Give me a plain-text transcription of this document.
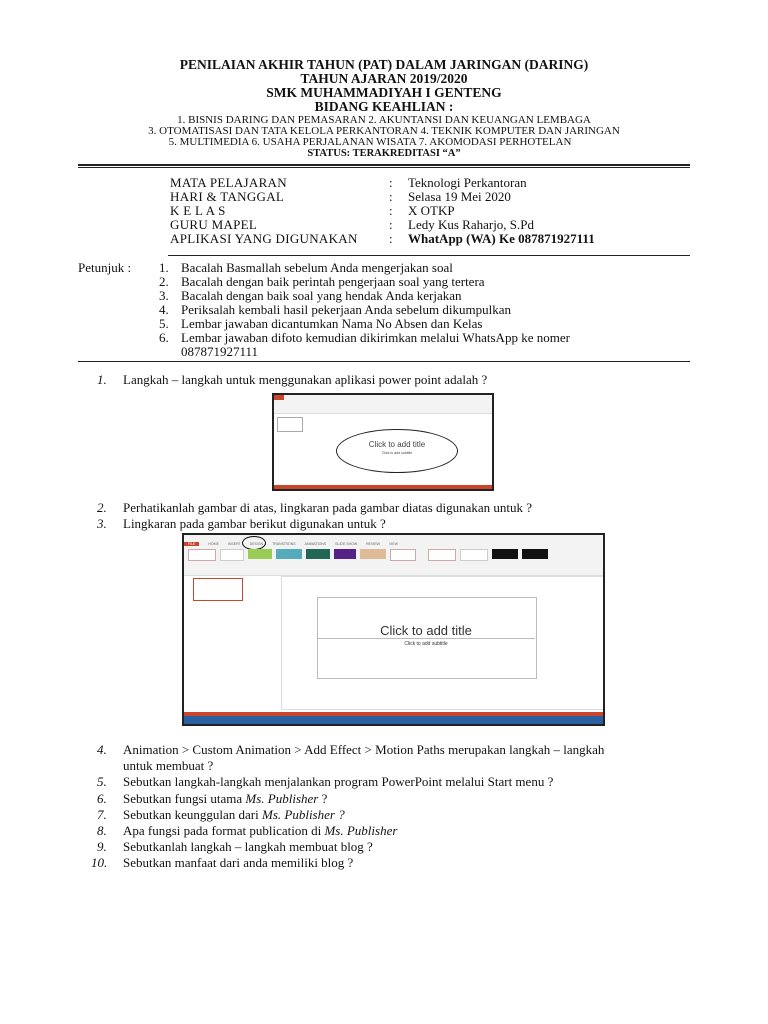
PENILAIAN AKHIR TAHUN (PAT) DALAM JARINGAN (DARING)
TAHUN AJARAN 2019/2020
SMK MUHAMMADIYAH I GENTENG
BIDANG KEAHLIAN :
1. BISNIS DARING DAN PEMASARAN 2. AKUNTANSI DAN KEUANGAN LEMBAGA
3. OTOMATISASI DAN TATA KELOLA PERKANTORAN 4. TEKNIK KOMPUTER DAN JARINGAN
5. MULTIMEDIA 6. USAHA PERJALANAN WISATA 7. AKOMODASI PERHOTELAN
STATUS: TERAKREDITASI “A”
MATA PELAJARAN	: Teknologi Perkantoran
HARI & TANGGAL	: Selasa 19 Mei 2020
K E L A S	: X OTKP
GURU MAPEL	: Ledy Kus Raharjo, S.Pd
APLIKASI YANG DIGUNAKAN : WhatApp (WA) Ke 087871927111
Petunjuk : 1. Bacalah Basmallah sebelum Anda mengerjakan soal
2. Bacalah dengan baik perintah pengerjaan soal yang tertera
3. Bacalah dengan baik soal yang hendak Anda kerjakan
4. Periksalah kembali hasil pekerjaan Anda sebelum dikumpulkan
5. Lembar jawaban dicantumkan Nama No Absen dan Kelas
6. Lembar jawaban difoto kemudian dikirimkan melalui WhatsApp ke nomer
087871927111
1. Langkah – langkah untuk menggunakan aplikasi power point adalah ?
2. Perhatikanlah gambar di atas, lingkaran pada gambar diatas digunakan untuk ?
3. Lingkaran pada gambar berikut digunakan untuk ?
4. Animation > Custom Animation > Add Effect > Motion Paths merupakan langkah – langkah
untuk membuat ?
5. Sebutkan langkah-langkah menjalankan program PowerPoint melalui Start menu ?
6. Sebutkan fungsi utama Ms. Publisher ?
7. Sebutkan keunggulan dari Ms. Publisher ?
8. Apa fungsi pada format publication di Ms. Publisher
9. Sebutkanlah langkah – langkah membuat blog ?
10. Sebutkan manfaat dari anda memiliki blog ?
Click to add title
Click to add subtitle
FILE	HOME	INSERT	DESIGN	TRANSITIONS	ANIMATIONS	SLIDE SHOW	REVIEW	VIEW
Click to add title
Click to add subtitle
